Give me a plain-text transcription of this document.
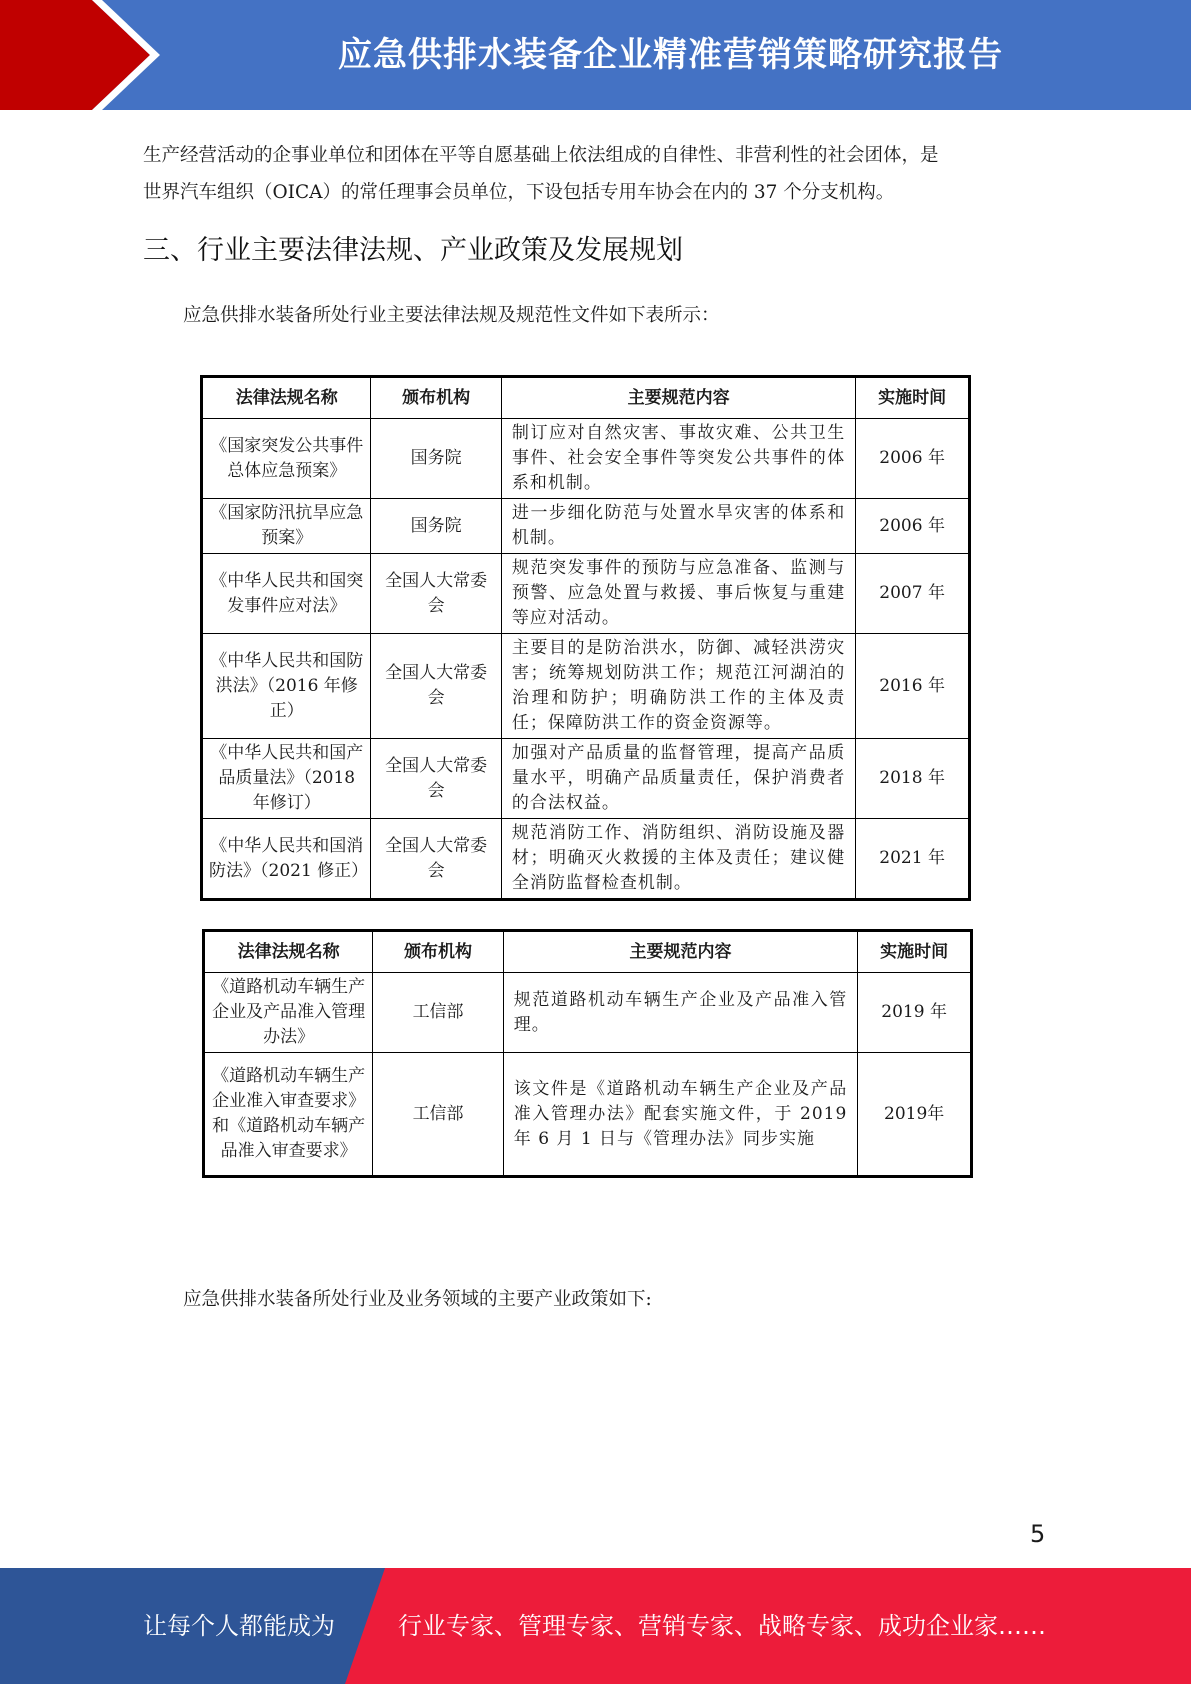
应急供排水装备企业精准营销策略研究报告
生产经营活动的企事业单位和团体在平等自愿基础上依法组成的自律性、非营利性的社会团体，是
世界汽车组织（OICA）的常任理事会员单位，下设包括专用车协会在内的 37 个分支机构。
三、行业主要法律法规、产业政策及发展规划
应急供排水装备所处行业主要法律法规及规范性文件如下表所示：
法律法规名称	颁布机构	主要规范内容	实施时间
《国家突发公共事件总体应急预案》	国务院	制订应对自然灾害、事故灾难、公共卫生事件、社会安全事件等突发公共事件的体系和机制。	2006 年
《国家防汛抗旱应急预案》	国务院	进一步细化防范与处置水旱灾害的体系和机制。	2006 年
《中华人民共和国突发事件应对法》	全国人大常委会	规范突发事件的预防与应急准备、监测与预警、应急处置与救援、事后恢复与重建等应对活动。	2007 年
《中华人民共和国防洪法》（2016 年修正）	全国人大常委会	主要目的是防治洪水，防御、减轻洪涝灾害；统筹规划防洪工作；规范江河湖泊的治理和防护；明确防洪工作的主体及责任；保障防洪工作的资金资源等。	2016 年
《中华人民共和国产品质量法》（2018 年修订）	全国人大常委会	加强对产品质量的监督管理，提高产品质量水平，明确产品质量责任，保护消费者的合法权益。	2018 年
《中华人民共和国消防法》（2021 修正）	全国人大常委会	规范消防工作、消防组织、消防设施及器材；明确灭火救援的主体及责任；建议健全消防监督检查机制。	2021 年
法律法规名称	颁布机构	主要规范内容	实施时间
《道路机动车辆生产企业及产品准入管理办法》	工信部	规范道路机动车辆生产企业及产品准入管理。	2019 年
《道路机动车辆生产企业准入审查要求》和《道路机动车辆产品准入审查要求》	工信部	该文件是《道路机动车辆生产企业及产品准入管理办法》配套实施文件，于 2019 年 6 月 1 日与《管理办法》同步实施	2019年
应急供排水装备所处行业及业务领域的主要产业政策如下:
5
让每个人都能成为	行业专家、管理专家、营销专家、战略专家、成功企业家……
